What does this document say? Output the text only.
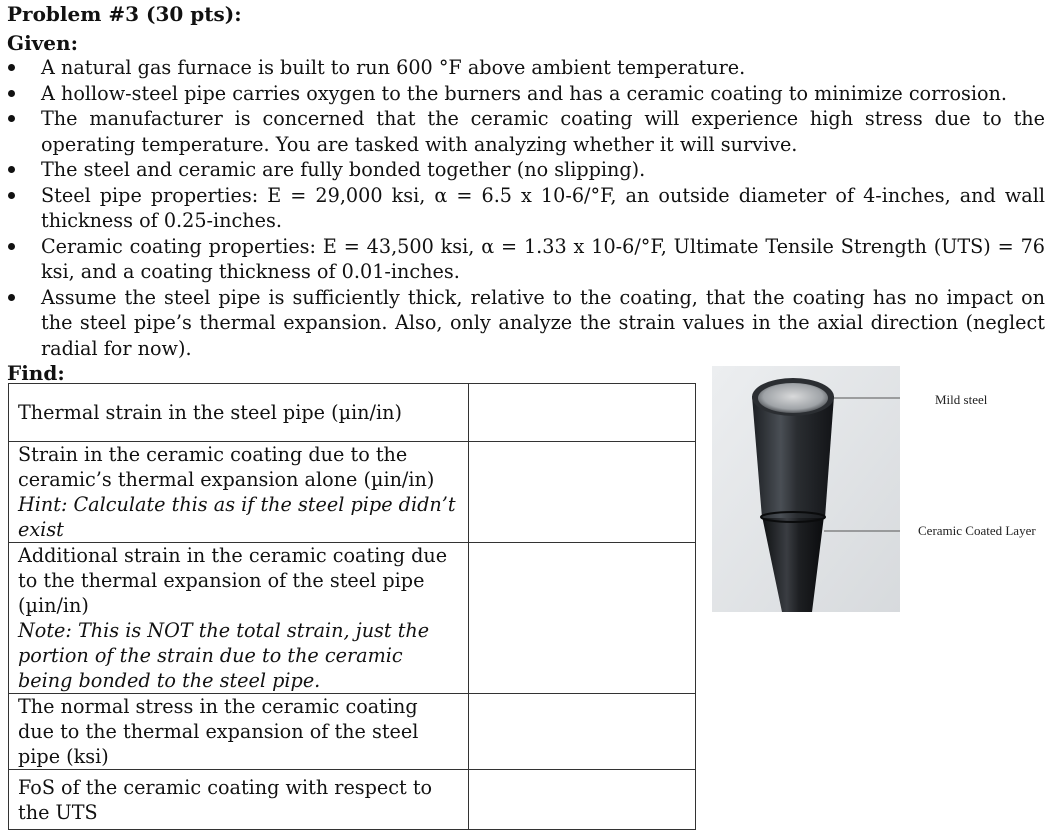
Problem #3 (30 pts):
Given:
A natural gas furnace is built to run 600 °F above ambient temperature.
A hollow-steel pipe carries oxygen to the burners and has a ceramic coating to minimize corrosion.
The manufacturer is concerned that the ceramic coating will experience high stress due to the operating temperature. You are tasked with analyzing whether it will survive.
The steel and ceramic are fully bonded together (no slipping).
Steel pipe properties: E = 29,000 ksi, α = 6.5 x 10-6/°F, an outside diameter of 4-inches, and wall thickness of 0.25-inches.
Ceramic coating properties: E = 43,500 ksi, α = 1.33 x 10-6/°F, Ultimate Tensile Strength (UTS) = 76 ksi, and a coating thickness of 0.01-inches.
Assume the steel pipe is sufficiently thick, relative to the coating, that the coating has no impact on the steel pipe’s thermal expansion. Also, only analyze the strain values in the axial direction (neglect radial for now).
Find:
Thermal strain in the steel pipe (µin/in)	

Strain in the ceramic coating due to the ceramic’s thermal expansion alone (µin/in)
Hint: Calculate this as if the steel pipe didn’t exist	

Additional strain in the ceramic coating due to the thermal expansion of the steel pipe (µin/in)
Note: This is NOT the total strain, just the portion of the strain due to the ceramic being bonded to the steel pipe.	

The normal stress in the ceramic coating due to the thermal expansion of the steel pipe (ksi)	
FoS of the ceramic coating with respect to the UTS	
Mild steel
Ceramic Coated Layer
